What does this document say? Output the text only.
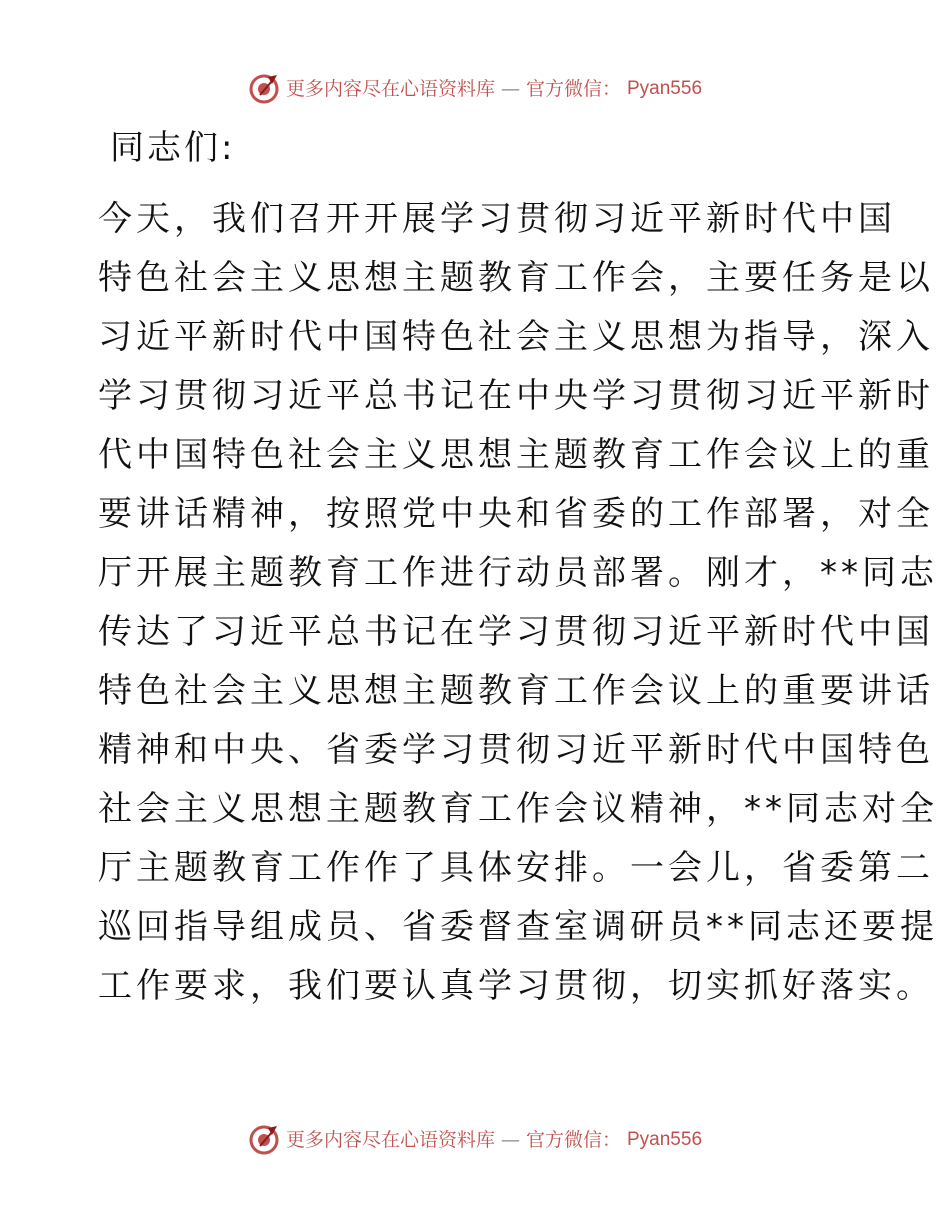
更多内容尽在心语资料库 — 官方微信： Pyan556

同志们:

今天，我们召开开展学习贯彻习近平新时代中国
特色社会主义思想主题教育工作会，主要任务是以
习近平新时代中国特色社会主义思想为指导，深入
学习贯彻习近平总书记在中央学习贯彻习近平新时
代中国特色社会主义思想主题教育工作会议上的重
要讲话精神，按照党中央和省委的工作部署，对全
厅开展主题教育工作进行动员部署。刚才，**同志
传达了习近平总书记在学习贯彻习近平新时代中国
特色社会主义思想主题教育工作会议上的重要讲话
精神和中央、省委学习贯彻习近平新时代中国特色
社会主义思想主题教育工作会议精神，**同志对全
厅主题教育工作作了具体安排。一会儿，省委第二
巡回指导组成员、省委督查室调研员**同志还要提
工作要求，我们要认真学习贯彻，切实抓好落实。
更多内容尽在心语资料库 — 官方微信： Pyan556
